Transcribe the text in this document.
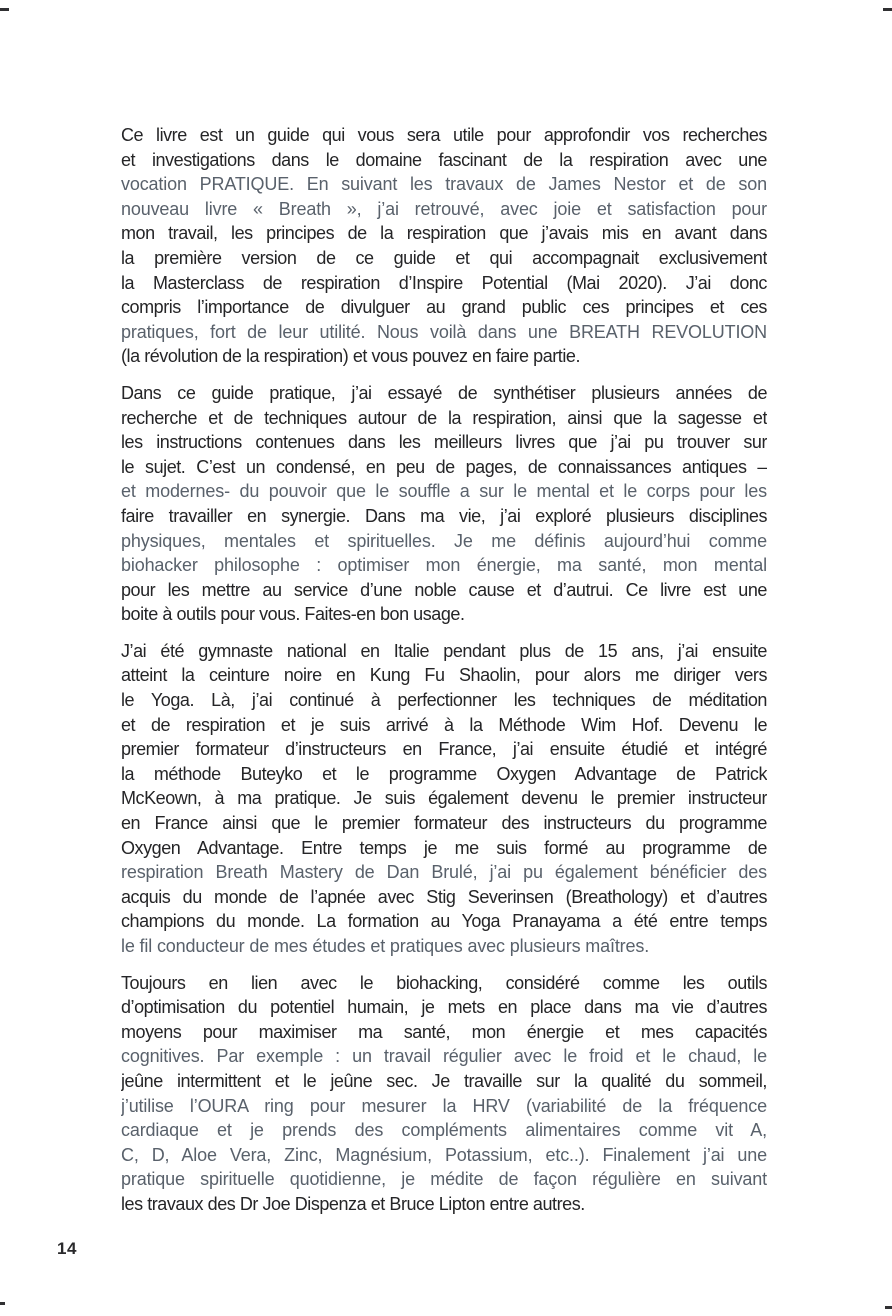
Ce livre est un guide qui vous sera utile pour approfondir vos recherches
et investigations dans le domaine fascinant de la respiration avec une
vocation PRATIQUE. En suivant les travaux de James Nestor et de son
nouveau livre « Breath », j’ai retrouvé, avec joie et satisfaction pour
mon travail, les principes de la respiration que j’avais mis en avant dans
la première version de ce guide et qui accompagnait exclusivement
la Masterclass de respiration d’Inspire Potential (Mai 2020). J’ai donc
compris l’importance de divulguer au grand public ces principes et ces
pratiques, fort de leur utilité. Nous voilà dans une BREATH REVOLUTION
(la révolution de la respiration) et vous pouvez en faire partie.
Dans ce guide pratique, j’ai essayé de synthétiser plusieurs années de
recherche et de techniques autour de la respiration, ainsi que la sagesse et
les instructions contenues dans les meilleurs livres que j’ai pu trouver sur
le sujet. C’est un condensé, en peu de pages, de connaissances antiques –
et modernes- du pouvoir que le souffle a sur le mental et le corps pour les
faire travailler en synergie. Dans ma vie, j’ai exploré plusieurs disciplines
physiques, mentales et spirituelles. Je me définis aujourd’hui comme
biohacker philosophe : optimiser mon énergie, ma santé, mon mental
pour les mettre au service d’une noble cause et d’autrui. Ce livre est une
boite à outils pour vous. Faites-en bon usage.
J’ai été gymnaste national en Italie pendant plus de 15 ans, j’ai ensuite
atteint la ceinture noire en Kung Fu Shaolin, pour alors me diriger vers
le Yoga. Là, j’ai continué à perfectionner les techniques de méditation
et de respiration et je suis arrivé à la Méthode Wim Hof. Devenu le
premier formateur d’instructeurs en France, j’ai ensuite étudié et intégré
la méthode Buteyko et le programme Oxygen Advantage de Patrick
McKeown, à ma pratique. Je suis également devenu le premier instructeur
en France ainsi que le premier formateur des instructeurs du programme
Oxygen Advantage. Entre temps je me suis formé au programme de
respiration Breath Mastery de Dan Brulé, j’ai pu également bénéficier des
acquis du monde de l’apnée avec Stig Severinsen (Breathology) et d’autres
champions du monde. La formation au Yoga Pranayama a été entre temps
le fil conducteur de mes études et pratiques avec plusieurs maîtres.
Toujours en lien avec le biohacking, considéré comme les outils
d’optimisation du potentiel humain, je mets en place dans ma vie d’autres
moyens pour maximiser ma santé, mon énergie et mes capacités
cognitives. Par exemple : un travail régulier avec le froid et le chaud, le
jeûne intermittent et le jeûne sec. Je travaille sur la qualité du sommeil,
j’utilise l’OURA ring pour mesurer la HRV (variabilité de la fréquence
cardiaque et je prends des compléments alimentaires comme vit A,
C, D, Aloe Vera, Zinc, Magnésium, Potassium, etc..). Finalement j’ai une
pratique spirituelle quotidienne, je médite de façon régulière en suivant
les travaux des Dr Joe Dispenza et Bruce Lipton entre autres.
14
